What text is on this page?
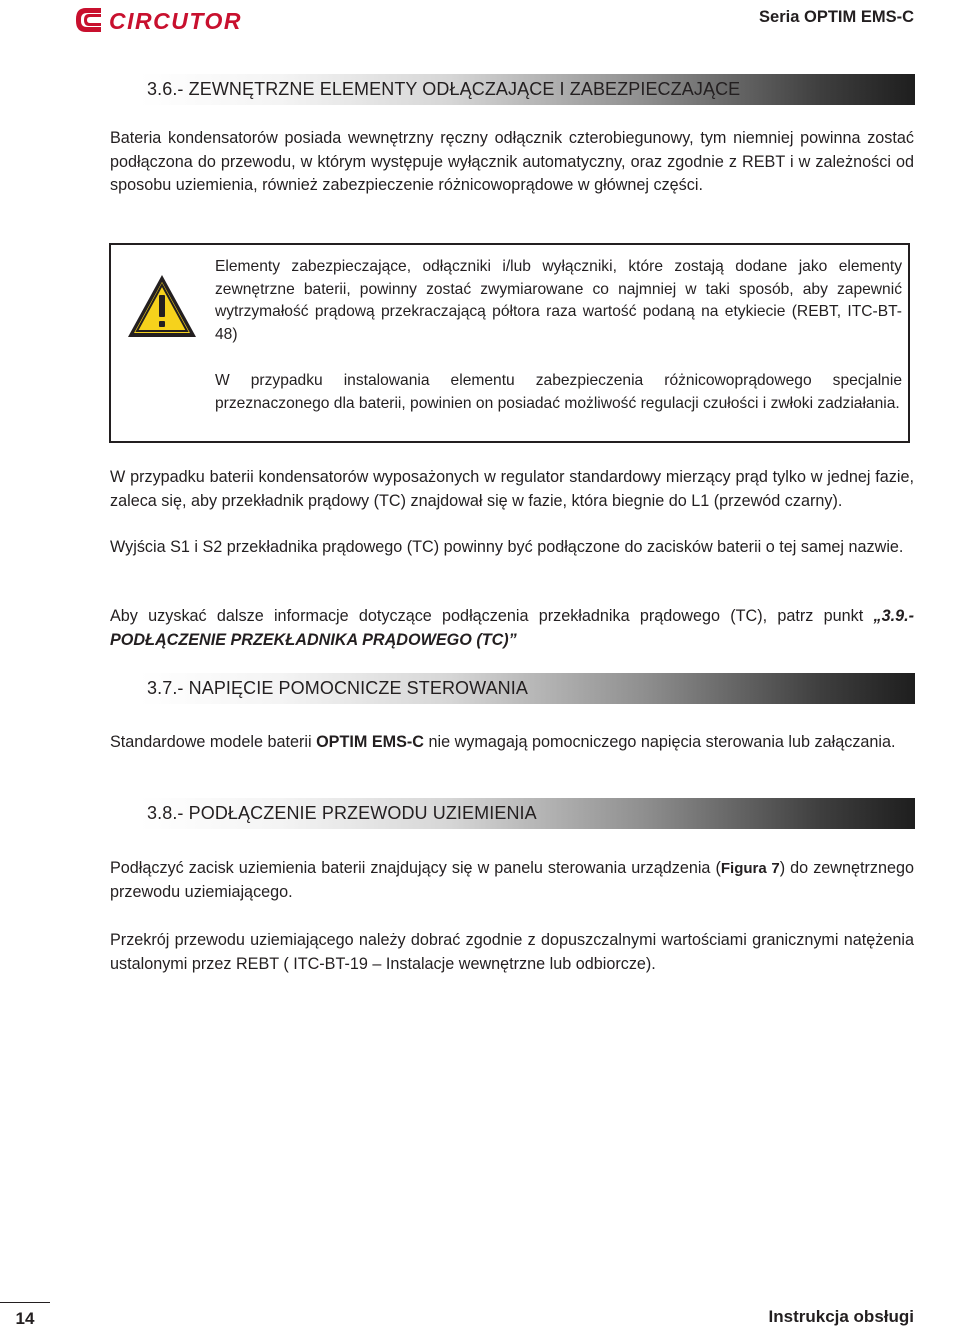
CIRCUTOR	Seria OPTIM EMS-C
3.6.- ZEWNĘTRZNE ELEMENTY ODŁĄCZAJĄCE I ZABEZPIECZAJĄCE
Bateria kondensatorów posiada wewnętrzny ręczny odłącznik czterobiegunowy, tym niemniej powinna zostać podłączona do przewodu, w którym występuje wyłącznik automatyczny, oraz zgodnie z REBT i w zależności od sposobu uziemienia, również zabezpieczenie różnicowoprądowe w głównej części.
Elementy zabezpieczające, odłączniki i/lub wyłączniki, które zostają dodane jako elementy zewnętrzne baterii, powinny zostać zwymiarowane co najmniej w taki sposób, aby zapewnić wytrzymałość prądową przekraczającą półtora raza wartość podaną na etykiecie (REBT, ITC-BT-48)
W przypadku instalowania elementu zabezpieczenia różnicowoprądowego specjalnie przeznaczonego dla baterii, powinien on posiadać możliwość regulacji czułości i zwłoki zadziałania.
W przypadku baterii kondensatorów wyposażonych w regulator standardowy mierzący prąd tylko w jednej fazie, zaleca się, aby przekładnik prądowy (TC) znajdował się w fazie, która biegnie do L1 (przewód czarny).
Wyjścia S1 i S2 przekładnika prądowego (TC) powinny być podłączone do zacisków baterii o tej samej nazwie.
Aby uzyskać dalsze informacje dotyczące podłączenia przekładnika prądowego (TC), patrz punkt „3.9.- PODŁĄCZENIE PRZEKŁADNIKA PRĄDOWEGO (TC)”
3.7.- NAPIĘCIE POMOCNICZE STEROWANIA
Standardowe modele baterii OPTIM EMS-C nie wymagają pomocniczego napięcia sterowania lub załączania.
3.8.- PODŁĄCZENIE PRZEWODU UZIEMIENIA
Podłączyć zacisk uziemienia baterii znajdujący się w panelu sterowania urządzenia (Figura 7) do zewnętrznego przewodu uziemiającego.
Przekrój przewodu uziemiającego należy dobrać zgodnie z dopuszczalnymi wartościami granicznymi natężenia ustalonymi przez REBT ( ITC-BT-19 – Instalacje wewnętrzne lub odbiorcze).
14	Instrukcja obsługi
